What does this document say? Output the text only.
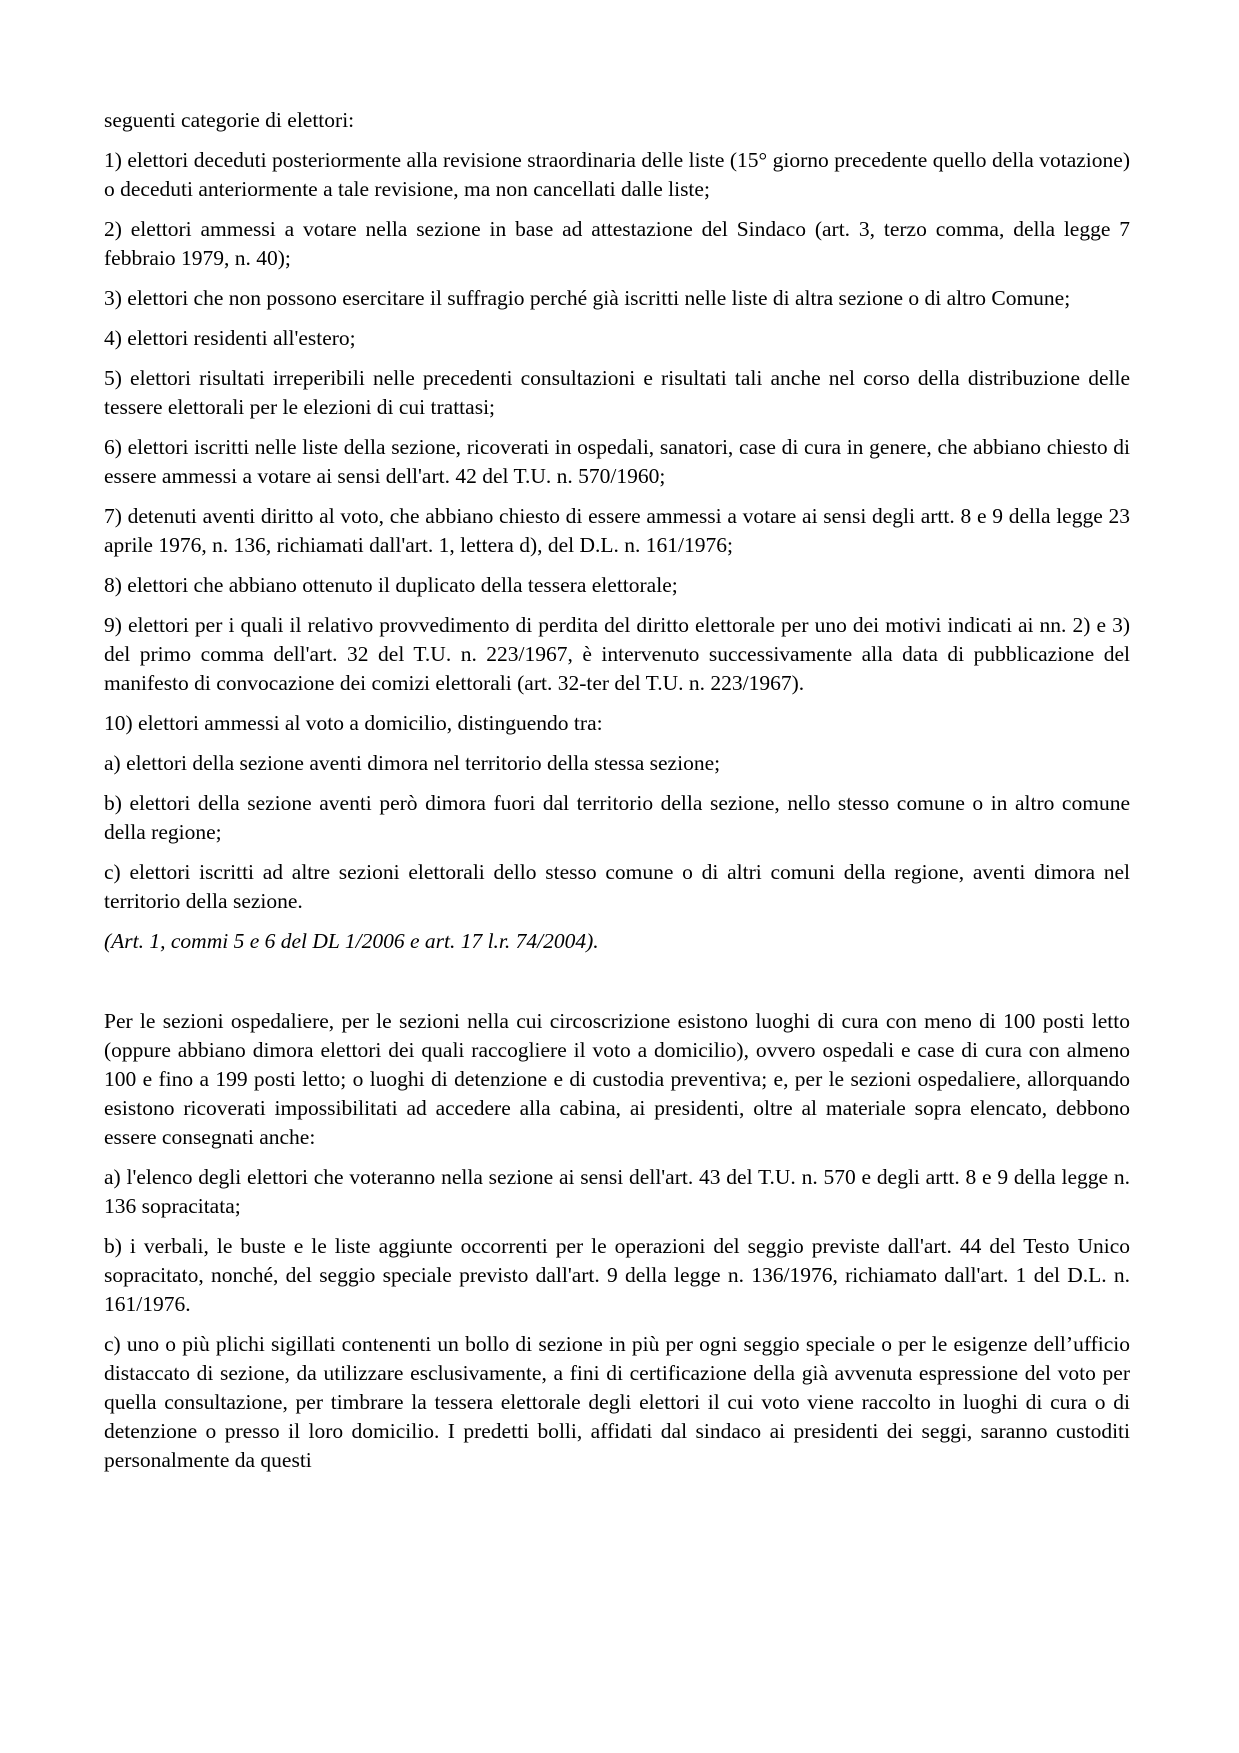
seguenti categorie di elettori:

1) elettori deceduti posteriormente alla revisione straordinaria delle liste (15° giorno precedente quello della votazione) o deceduti anteriormente a tale revisione, ma non cancellati dalle liste;

2) elettori ammessi a votare nella sezione in base ad attestazione del Sindaco (art. 3, terzo comma, della legge 7 febbraio 1979, n. 40);

3) elettori che non possono esercitare il suffragio perché già iscritti nelle liste di altra sezione o di altro Comune;

4) elettori residenti all'estero;

5) elettori risultati irreperibili nelle precedenti consultazioni e risultati tali anche nel corso della distribuzione delle tessere elettorali per le elezioni di cui trattasi;

6) elettori iscritti nelle liste della sezione, ricoverati in ospedali, sanatori, case di cura in genere, che abbiano chiesto di essere ammessi a votare ai sensi dell'art. 42 del T.U. n. 570/1960;

7) detenuti aventi diritto al voto, che abbiano chiesto di essere ammessi a votare ai sensi degli artt. 8 e 9 della legge 23 aprile 1976, n. 136, richiamati dall'art. 1, lettera d), del D.L. n. 161/1976;

8) elettori che abbiano ottenuto il duplicato della tessera elettorale;

9) elettori per i quali il relativo provvedimento di perdita del diritto elettorale per uno dei motivi indicati ai nn. 2) e 3) del primo comma dell'art. 32 del T.U. n. 223/1967, è intervenuto successivamente alla data di pubblicazione del manifesto di convocazione dei comizi elettorali (art. 32-ter del T.U. n. 223/1967).

10) elettori ammessi al voto a domicilio, distinguendo tra:

a) elettori della sezione aventi dimora nel territorio della stessa sezione;

b) elettori della sezione aventi però dimora fuori dal territorio della sezione, nello stesso comune o in altro comune della regione;

c) elettori iscritti ad altre sezioni elettorali dello stesso comune o di altri comuni della regione, aventi dimora nel territorio della sezione.

(Art. 1, commi 5 e 6 del DL 1/2006 e art. 17 l.r. 74/2004).

Per le sezioni ospedaliere, per le sezioni nella cui circoscrizione esistono luoghi di cura con meno di 100 posti letto (oppure abbiano dimora elettori dei quali raccogliere il voto a domicilio), ovvero ospedali e case di cura con almeno 100 e fino a 199 posti letto; o luoghi di detenzione e di custodia preventiva; e, per le sezioni ospedaliere, allorquando esistono ricoverati impossibilitati ad accedere alla cabina, ai presidenti, oltre al materiale sopra elencato, debbono essere consegnati anche:

a) l'elenco degli elettori che voteranno nella sezione ai sensi dell'art. 43 del T.U. n. 570 e degli artt. 8 e 9 della legge n. 136 sopracitata;

b) i verbali, le buste e le liste aggiunte occorrenti per le operazioni del seggio previste dall'art. 44 del Testo Unico sopracitato, nonché, del seggio speciale previsto dall'art. 9 della legge n. 136/1976, richiamato dall'art. 1 del D.L. n. 161/1976.

c) uno o più plichi sigillati contenenti un bollo di sezione in più per ogni seggio speciale o per le esigenze dell’ufficio distaccato di sezione, da utilizzare esclusivamente, a fini di certificazione della già avvenuta espressione del voto per quella consultazione, per timbrare la tessera elettorale degli elettori il cui voto viene raccolto in luoghi di cura o di detenzione o presso il loro domicilio. I predetti bolli, affidati dal sindaco ai presidenti dei seggi, saranno custoditi personalmente da questi
